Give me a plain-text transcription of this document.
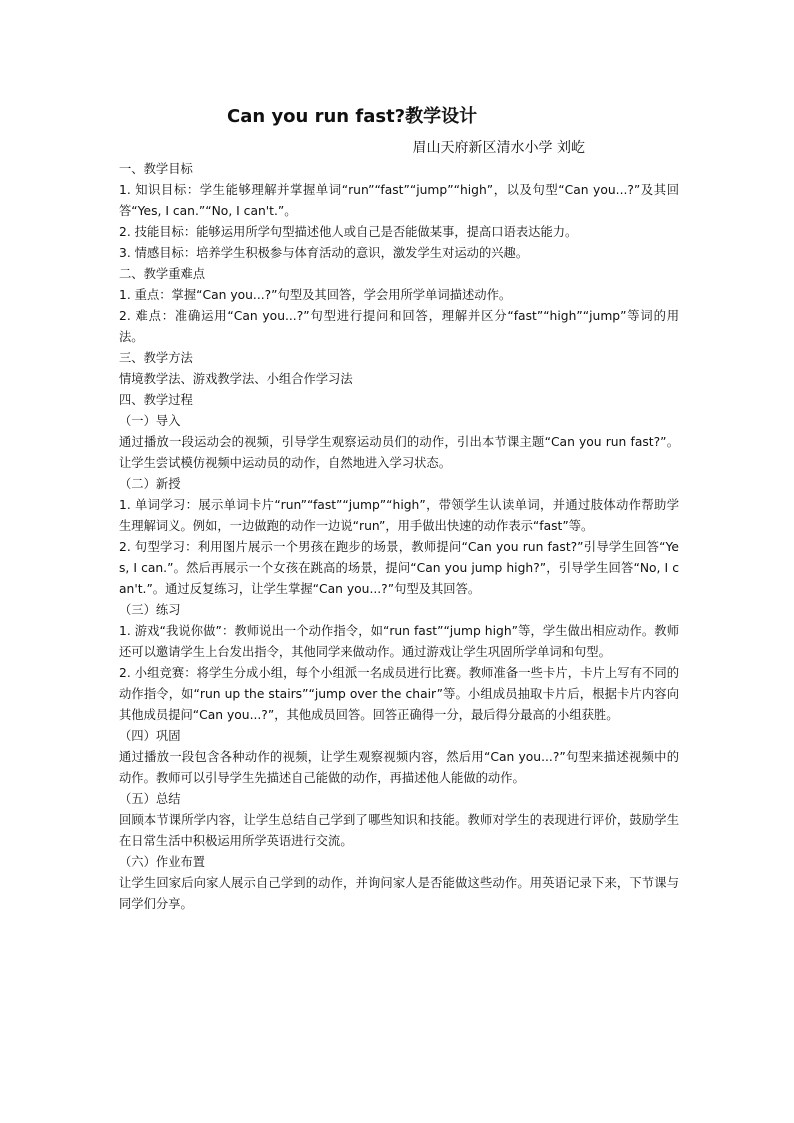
Can you run fast?教学设计
眉山天府新区清水小学 刘屹

一、教学目标

1. 知识目标：学生能够理解并掌握单词“run”“fast”“jump”“high”，以及句型“Can you...?”及其回答“Yes, I can.”“No, I can't.”。

2. 技能目标：能够运用所学句型描述他人或自己是否能做某事，提高口语表达能力。

3. 情感目标：培养学生积极参与体育活动的意识，激发学生对运动的兴趣。

二、教学重难点

1. 重点：掌握“Can you...?”句型及其回答，学会用所学单词描述动作。

2. 难点：准确运用“Can you...?”句型进行提问和回答，理解并区分“fast”“high”“jump”等词的用法。

三、教学方法

情境教学法、游戏教学法、小组合作学习法

四、教学过程

（一）导入

通过播放一段运动会的视频，引导学生观察运动员们的动作，引出本节课主题“Can you run fast?”。让学生尝试模仿视频中运动员的动作，自然地进入学习状态。

（二）新授

1. 单词学习：展示单词卡片“run”“fast”“jump”“high”，带领学生认读单词，并通过肢体动作帮助学生理解词义。例如，一边做跑的动作一边说“run”，用手做出快速的动作表示“fast”等。

2. 句型学习：利用图片展示一个男孩在跑步的场景，教师提问“Can you run fast?”引导学生回答“Yes, I can.”。然后再展示一个女孩在跳高的场景，提问“Can you jump high?”，引导学生回答“No, I can't.”。通过反复练习，让学生掌握“Can you...?”句型及其回答。

（三）练习

1. 游戏“我说你做”：教师说出一个动作指令，如“run fast”“jump high”等，学生做出相应动作。教师还可以邀请学生上台发出指令，其他同学来做动作。通过游戏让学生巩固所学单词和句型。

2. 小组竞赛：将学生分成小组，每个小组派一名成员进行比赛。教师准备一些卡片，卡片上写有不同的动作指令，如“run up the stairs”“jump over the chair”等。小组成员抽取卡片后，根据卡片内容向其他成员提问“Can you...?”，其他成员回答。回答正确得一分，最后得分最高的小组获胜。

（四）巩固

通过播放一段包含各种动作的视频，让学生观察视频内容，然后用“Can you...?”句型来描述视频中的动作。教师可以引导学生先描述自己能做的动作，再描述他人能做的动作。

（五）总结

回顾本节课所学内容，让学生总结自己学到了哪些知识和技能。教师对学生的表现进行评价，鼓励学生在日常生活中积极运用所学英语进行交流。

（六）作业布置

让学生回家后向家人展示自己学到的动作，并询问家人是否能做这些动作。用英语记录下来，下节课与同学们分享。
